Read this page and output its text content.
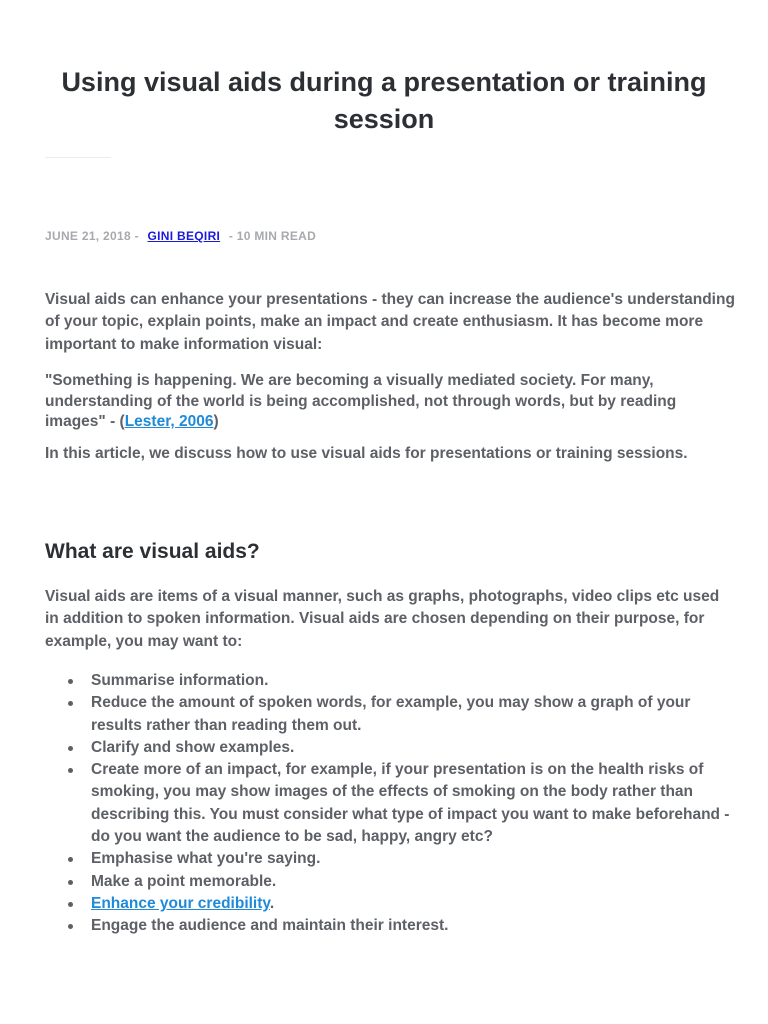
Using visual aids during a presentation or training session
JUNE 21, 2018 - GINI BEQIRI - 10 MIN READ

Visual aids can enhance your presentations - they can increase the audience's understanding of your topic, explain points, make an impact and create enthusiasm. It has become more important to make information visual:

"Something is happening. We are becoming a visually mediated society. For many, understanding of the world is being accomplished, not through words, but by reading images" - (Lester, 2006)

In this article, we discuss how to use visual aids for presentations or training sessions.

What are visual aids?

Visual aids are items of a visual manner, such as graphs, photographs, video clips etc used in addition to spoken information. Visual aids are chosen depending on their purpose, for example, you may want to:

Summarise information.
Reduce the amount of spoken words, for example, you may show a graph of your results rather than reading them out.
Clarify and show examples.
Create more of an impact, for example, if your presentation is on the health risks of smoking, you may show images of the effects of smoking on the body rather than describing this. You must consider what type of impact you want to make beforehand - do you want the audience to be sad, happy, angry etc?
Emphasise what you're saying.
Make a point memorable.
Enhance your credibility.
Engage the audience and maintain their interest.
